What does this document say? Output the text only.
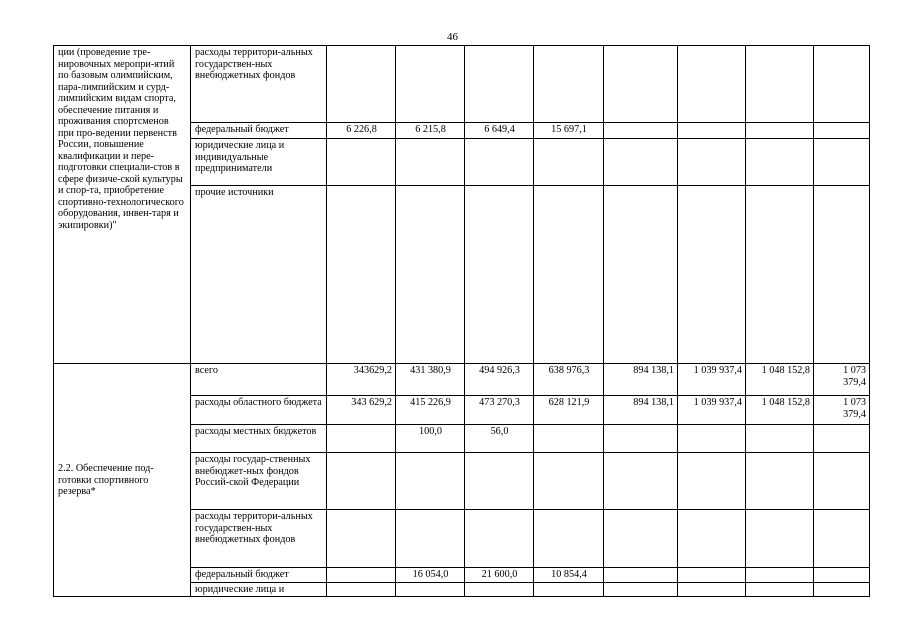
46
ции (проведение тре-нировочных меропри-ятий по базовым олимпийским, пара-лимпийским и сурд-лимпийским видам спорта, обеспечение питания и проживания спортсменов при про-ведении первенств России, повышение квалификации и пере-подготовки специали-стов в сфере физиче-ской культуры и спор-та, приобретение спортивно-технологического оборудования, инвен-таря и экипировки)"	расходы территори-альных государствен-ных внебюджетных фондов								
	федеральный бюджет	6 226,8	6 215,8	6 649,4	15 697,1				
	юридические лица и индивидуальные предприниматели								
	прочие источники								
2.2. Обеспечение под-готовки спортивного резерва*	всего	343629,2	431 380,9	494 926,3	638 976,3	894 138,1	1 039 937,4	1 048 152,8	1 073 379,4
	расходы областного бюджета	343 629,2	415 226,9	473 270,3	628 121,9	894 138,1	1 039 937,4	1 048 152,8	1 073 379,4
	расходы местных бюджетов		100,0	56,0					
	расходы государ-ственных внебюджет-ных фондов Россий-ской Федерации								
	расходы территори-альных государствен-ных внебюджетных фондов								
	федеральный бюджет		16 054,0	21 600,0	10 854,4				
	юридические лица и								
